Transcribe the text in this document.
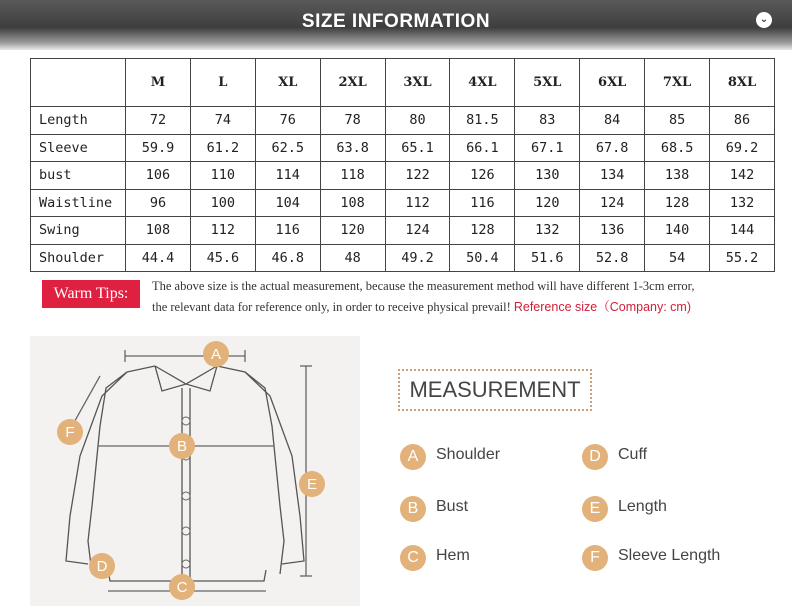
SIZE INFORMATION	⌄
	M	L	XL	2XL	3XL	4XL	5XL	6XL	7XL	8XL
Length	72	74	76	78	80	81.5	83	84	85	86
Sleeve	59.9	61.2	62.5	63.8	65.1	66.1	67.1	67.8	68.5	69.2
bust	106	110	114	118	122	126	130	134	138	142
Waistline	96	100	104	108	112	116	120	124	128	132
Swing	108	112	116	120	124	128	132	136	140	144
Shoulder	44.4	45.6	46.8	48	49.2	50.4	51.6	52.8	54	55.2
Warm Tips:	The above size is the actual measurement, because the measurement method will have different 1-3cm error,
the relevant data for reference only, in order to receive physical prevail! Reference size（Company: cm)
A
B
C
D
E
F
MEASUREMENT
A	Shoulder	D	Cuff
B	Bust	E	Length
C	Hem	F	Sleeve Length
